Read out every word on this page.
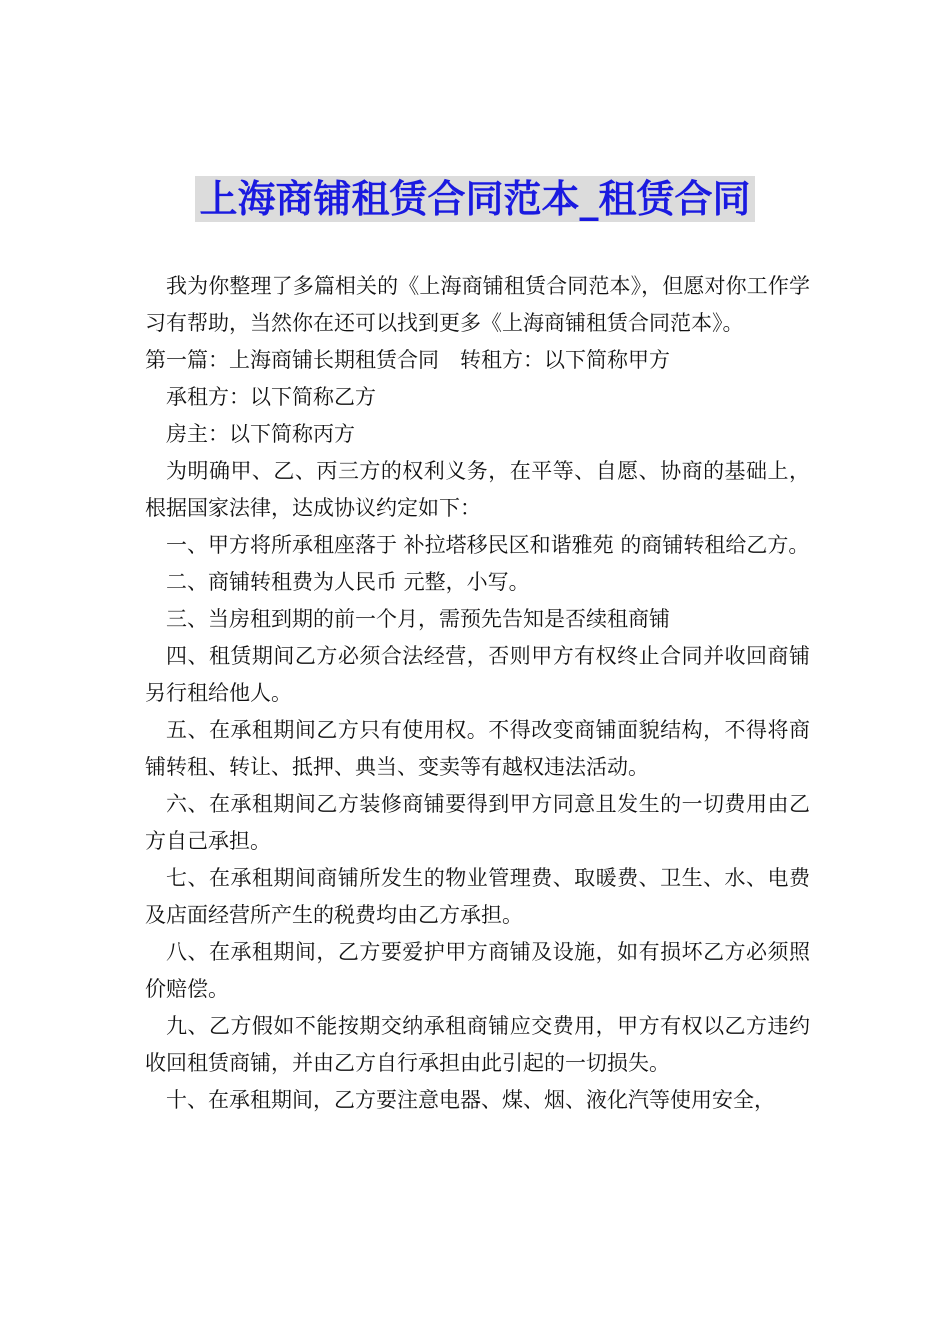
上海商铺租赁合同范本_租赁合同

我为你整理了多篇相关的《上海商铺租赁合同范本》，但愿对你工作学习有帮助，当然你在还可以找到更多《上海商铺租赁合同范本》。

第一篇：上海商铺长期租赁合同　转租方：以下简称甲方

承租方：以下简称乙方

房主：以下简称丙方

为明确甲、乙、丙三方的权利义务，在平等、自愿、协商的基础上，根据国家法律，达成协议约定如下：

一、甲方将所承租座落于 补拉塔移民区和谐雅苑 的商铺转租给乙方。

二、商铺转租费为人民币 元整，小写。

三、当房租到期的前一个月，需预先告知是否续租商铺

四、租赁期间乙方必须合法经营，否则甲方有权终止合同并收回商铺另行租给他人。

五、在承租期间乙方只有使用权。不得改变商铺面貌结构，不得将商铺转租、转让、抵押、典当、变卖等有越权违法活动。

六、在承租期间乙方装修商铺要得到甲方同意且发生的一切费用由乙方自己承担。

七、在承租期间商铺所发生的物业管理费、取暖费、卫生、水、电费及店面经营所产生的税费均由乙方承担。

八、在承租期间，乙方要爱护甲方商铺及设施，如有损坏乙方必须照价赔偿。

九、乙方假如不能按期交纳承租商铺应交费用，甲方有权以乙方违约收回租赁商铺，并由乙方自行承担由此引起的一切损失。

十、在承租期间，乙方要注意电器、煤、烟、液化汽等使用安全，
